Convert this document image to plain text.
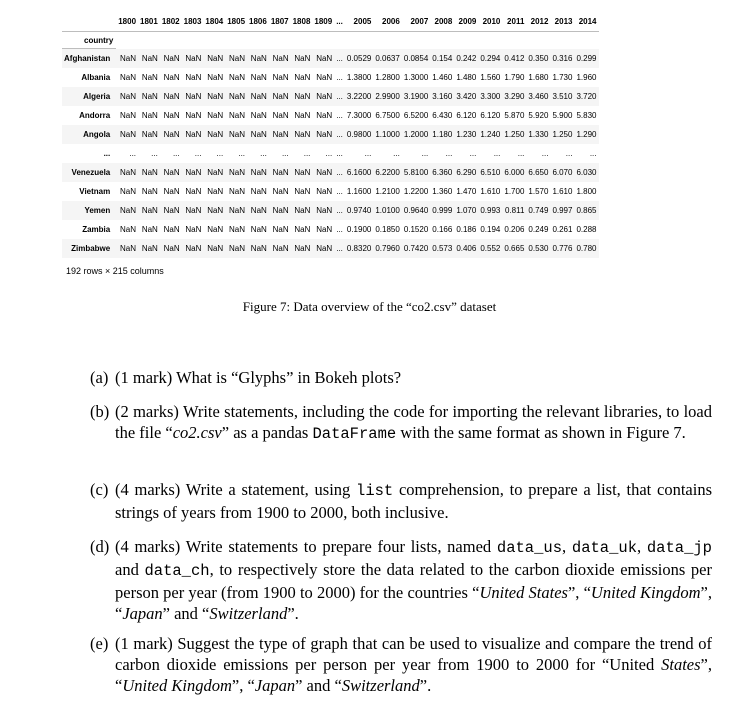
	1800	1801	1802	1803	1804	1805	1806	1807	1808	1809	...	2005	2006	2007	2008	2009	2010	2011	2012	2013	2014
country																					
Afghanistan	NaN	NaN	NaN	NaN	NaN	NaN	NaN	NaN	NaN	NaN	...	0.0529	0.0637	0.0854	0.154	0.242	0.294	0.412	0.350	0.316	0.299
Albania	NaN	NaN	NaN	NaN	NaN	NaN	NaN	NaN	NaN	NaN	...	1.3800	1.2800	1.3000	1.460	1.480	1.560	1.790	1.680	1.730	1.960
Algeria	NaN	NaN	NaN	NaN	NaN	NaN	NaN	NaN	NaN	NaN	...	3.2200	2.9900	3.1900	3.160	3.420	3.300	3.290	3.460	3.510	3.720
Andorra	NaN	NaN	NaN	NaN	NaN	NaN	NaN	NaN	NaN	NaN	...	7.3000	6.7500	6.5200	6.430	6.120	6.120	5.870	5.920	5.900	5.830
Angola	NaN	NaN	NaN	NaN	NaN	NaN	NaN	NaN	NaN	NaN	...	0.9800	1.1000	1.2000	1.180	1.230	1.240	1.250	1.330	1.250	1.290
...	...	...	...	...	...	...	...	...	...	...	...	...	...	...	...	...	...	...	...	...	...
Venezuela	NaN	NaN	NaN	NaN	NaN	NaN	NaN	NaN	NaN	NaN	...	6.1600	6.2200	5.8100	6.360	6.290	6.510	6.000	6.650	6.070	6.030
Vietnam	NaN	NaN	NaN	NaN	NaN	NaN	NaN	NaN	NaN	NaN	...	1.1600	1.2100	1.2200	1.360	1.470	1.610	1.700	1.570	1.610	1.800
Yemen	NaN	NaN	NaN	NaN	NaN	NaN	NaN	NaN	NaN	NaN	...	0.9740	1.0100	0.9640	0.999	1.070	0.993	0.811	0.749	0.997	0.865
Zambia	NaN	NaN	NaN	NaN	NaN	NaN	NaN	NaN	NaN	NaN	...	0.1900	0.1850	0.1520	0.166	0.186	0.194	0.206	0.249	0.261	0.288
Zimbabwe	NaN	NaN	NaN	NaN	NaN	NaN	NaN	NaN	NaN	NaN	...	0.8320	0.7960	0.7420	0.573	0.406	0.552	0.665	0.530	0.776	0.780
192 rows × 215 columns
Figure 7: Data overview of the “co2.csv” dataset
(a) (1 mark) What is “Glyphs” in Bokeh plots?
(b) (2 marks) Write statements, including the code for importing the relevant libraries, to load the file “co2.csv” as a pandas DataFrame with the same format as shown in Figure 7.
(c) (4 marks) Write a statement, using list comprehension, to prepare a list, that contains strings of years from 1900 to 2000, both inclusive.
(d) (4 marks) Write statements to prepare four lists, named data_us, data_uk, data_jp and data_ch, to respectively store the data related to the carbon dioxide emissions per person per year (from 1900 to 2000) for the countries “United States”, “United Kingdom”, “Japan” and “Switzerland”.
(e) (1 mark) Suggest the type of graph that can be used to visualize and compare the trend of carbon dioxide emissions per person per year from 1900 to 2000 for “United States”, “United Kingdom”, “Japan” and “Switzerland”.
